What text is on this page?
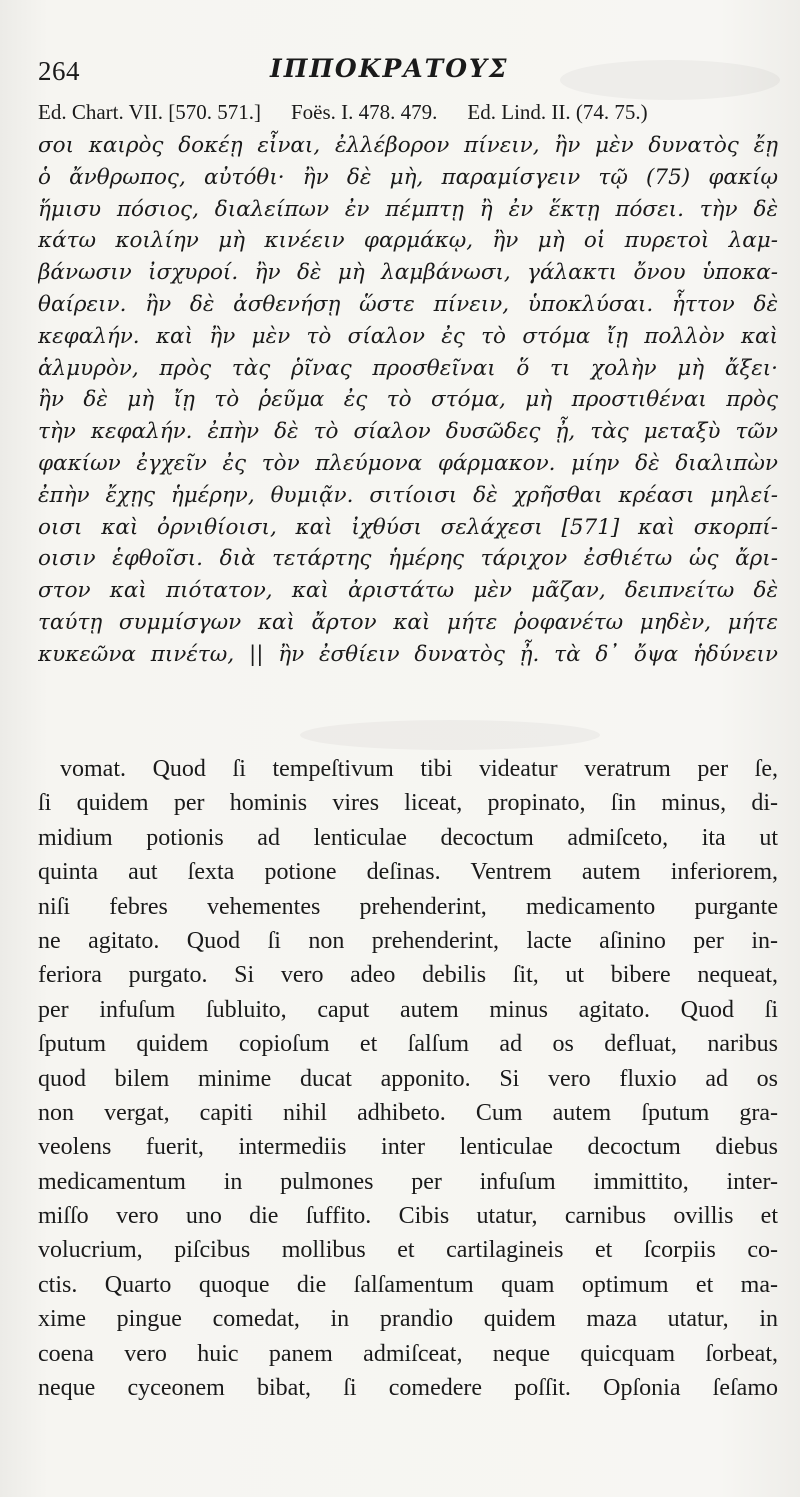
264	ΙΠΠΟΚΡΑΤΟΥΣ
Ed. Chart. VII. [570. 571.] Foës. I. 478. 479. Ed. Lind. II. (74. 75.)
σοι καιρὸς δοκέῃ εἶναι, ἐλλέβορον πίνειν, ἢν μὲν δυνατὸς ἔῃ
ὁ ἄνθρωπος, αὐτόθι· ἢν δὲ μὴ, παραμίσγειν τῷ (75) φακίῳ
ἥμισυ πόσιος, διαλείπων ἐν πέμπτῃ ἢ ἐν ἕκτῃ πόσει. τὴν δὲ
κάτω κοιλίην μὴ κινέειν φαρμάκῳ, ἢν μὴ οἱ πυρετοὶ λαμ-
βάνωσιν ἰσχυροί. ἢν δὲ μὴ λαμβάνωσι, γάλακτι ὄνου ὑποκα-
θαίρειν. ἢν δὲ ἀσθενήσῃ ὥστε πίνειν, ὑποκλύσαι. ἧττον δὲ
κεφαλήν. καὶ ἢν μὲν τὸ σίαλον ἐς τὸ στόμα ἴῃ πολλὸν καὶ
ἁλμυρὸν, πρὸς τὰς ῥῖνας προσθεῖναι ὅ τι χολὴν μὴ ἄξει·
ἢν δὲ μὴ ἴῃ τὸ ῥεῦμα ἐς τὸ στόμα, μὴ προστιθέναι πρὸς
τὴν κεφαλήν. ἐπὴν δὲ τὸ σίαλον δυσῶδες ᾖ, τὰς μεταξὺ τῶν
φακίων ἐγχεῖν ἐς τὸν πλεύμονα φάρμακον. μίην δὲ διαλιπὼν
ἐπὴν ἔχῃς ἡμέρην, θυμιᾷν. σιτίοισι δὲ χρῆσθαι κρέασι μηλεί-
οισι καὶ ὀρνιθίοισι, καὶ ἰχθύσι σελάχεσι [571] καὶ σκορπί-
οισιν ἑφθοῖσι. διὰ τετάρτης ἡμέρης τάριχον ἐσθιέτω ὡς ἄρι-
στον καὶ πιότατον, καὶ ἀριστάτω μὲν μᾶζαν, δειπνείτω δὲ
ταύτῃ συμμίσγων καὶ ἄρτον καὶ μήτε ῥοφανέτω μηδὲν, μήτε
κυκεῶνα πινέτω, || ἢν ἐσθίειν δυνατὸς ᾖ. τὰ δ᾽ ὄψα ἡδύνειν
vomat. Quod ſi tempeſtivum tibi videatur veratrum per ſe,
ſi quidem per hominis vires liceat, propinato, ſin minus, di-
midium potionis ad lenticulae decoctum admiſceto, ita ut
quinta aut ſexta potione deſinas. Ventrem autem inferiorem,
niſi febres vehementes prehenderint, medicamento purgante
ne agitato. Quod ſi non prehenderint, lacte aſinino per in-
feriora purgato. Si vero adeo debilis ſit, ut bibere nequeat,
per infuſum ſubluito, caput autem minus agitato. Quod ſi
ſputum quidem copioſum et ſalſum ad os defluat, naribus
quod bilem minime ducat apponito. Si vero fluxio ad os
non vergat, capiti nihil adhibeto. Cum autem ſputum gra-
veolens fuerit, intermediis inter lenticulae decoctum diebus
medicamentum in pulmones per infuſum immittito, inter-
miſſo vero uno die ſuffito. Cibis utatur, carnibus ovillis et
volucrium, piſcibus mollibus et cartilagineis et ſcorpiis co-
ctis. Quarto quoque die ſalſamentum quam optimum et ma-
xime pingue comedat, in prandio quidem maza utatur, in
coena vero huic panem admiſceat, neque quicquam ſorbeat,
neque cyceonem bibat, ſi comedere poſſit. Opſonia ſeſamo
